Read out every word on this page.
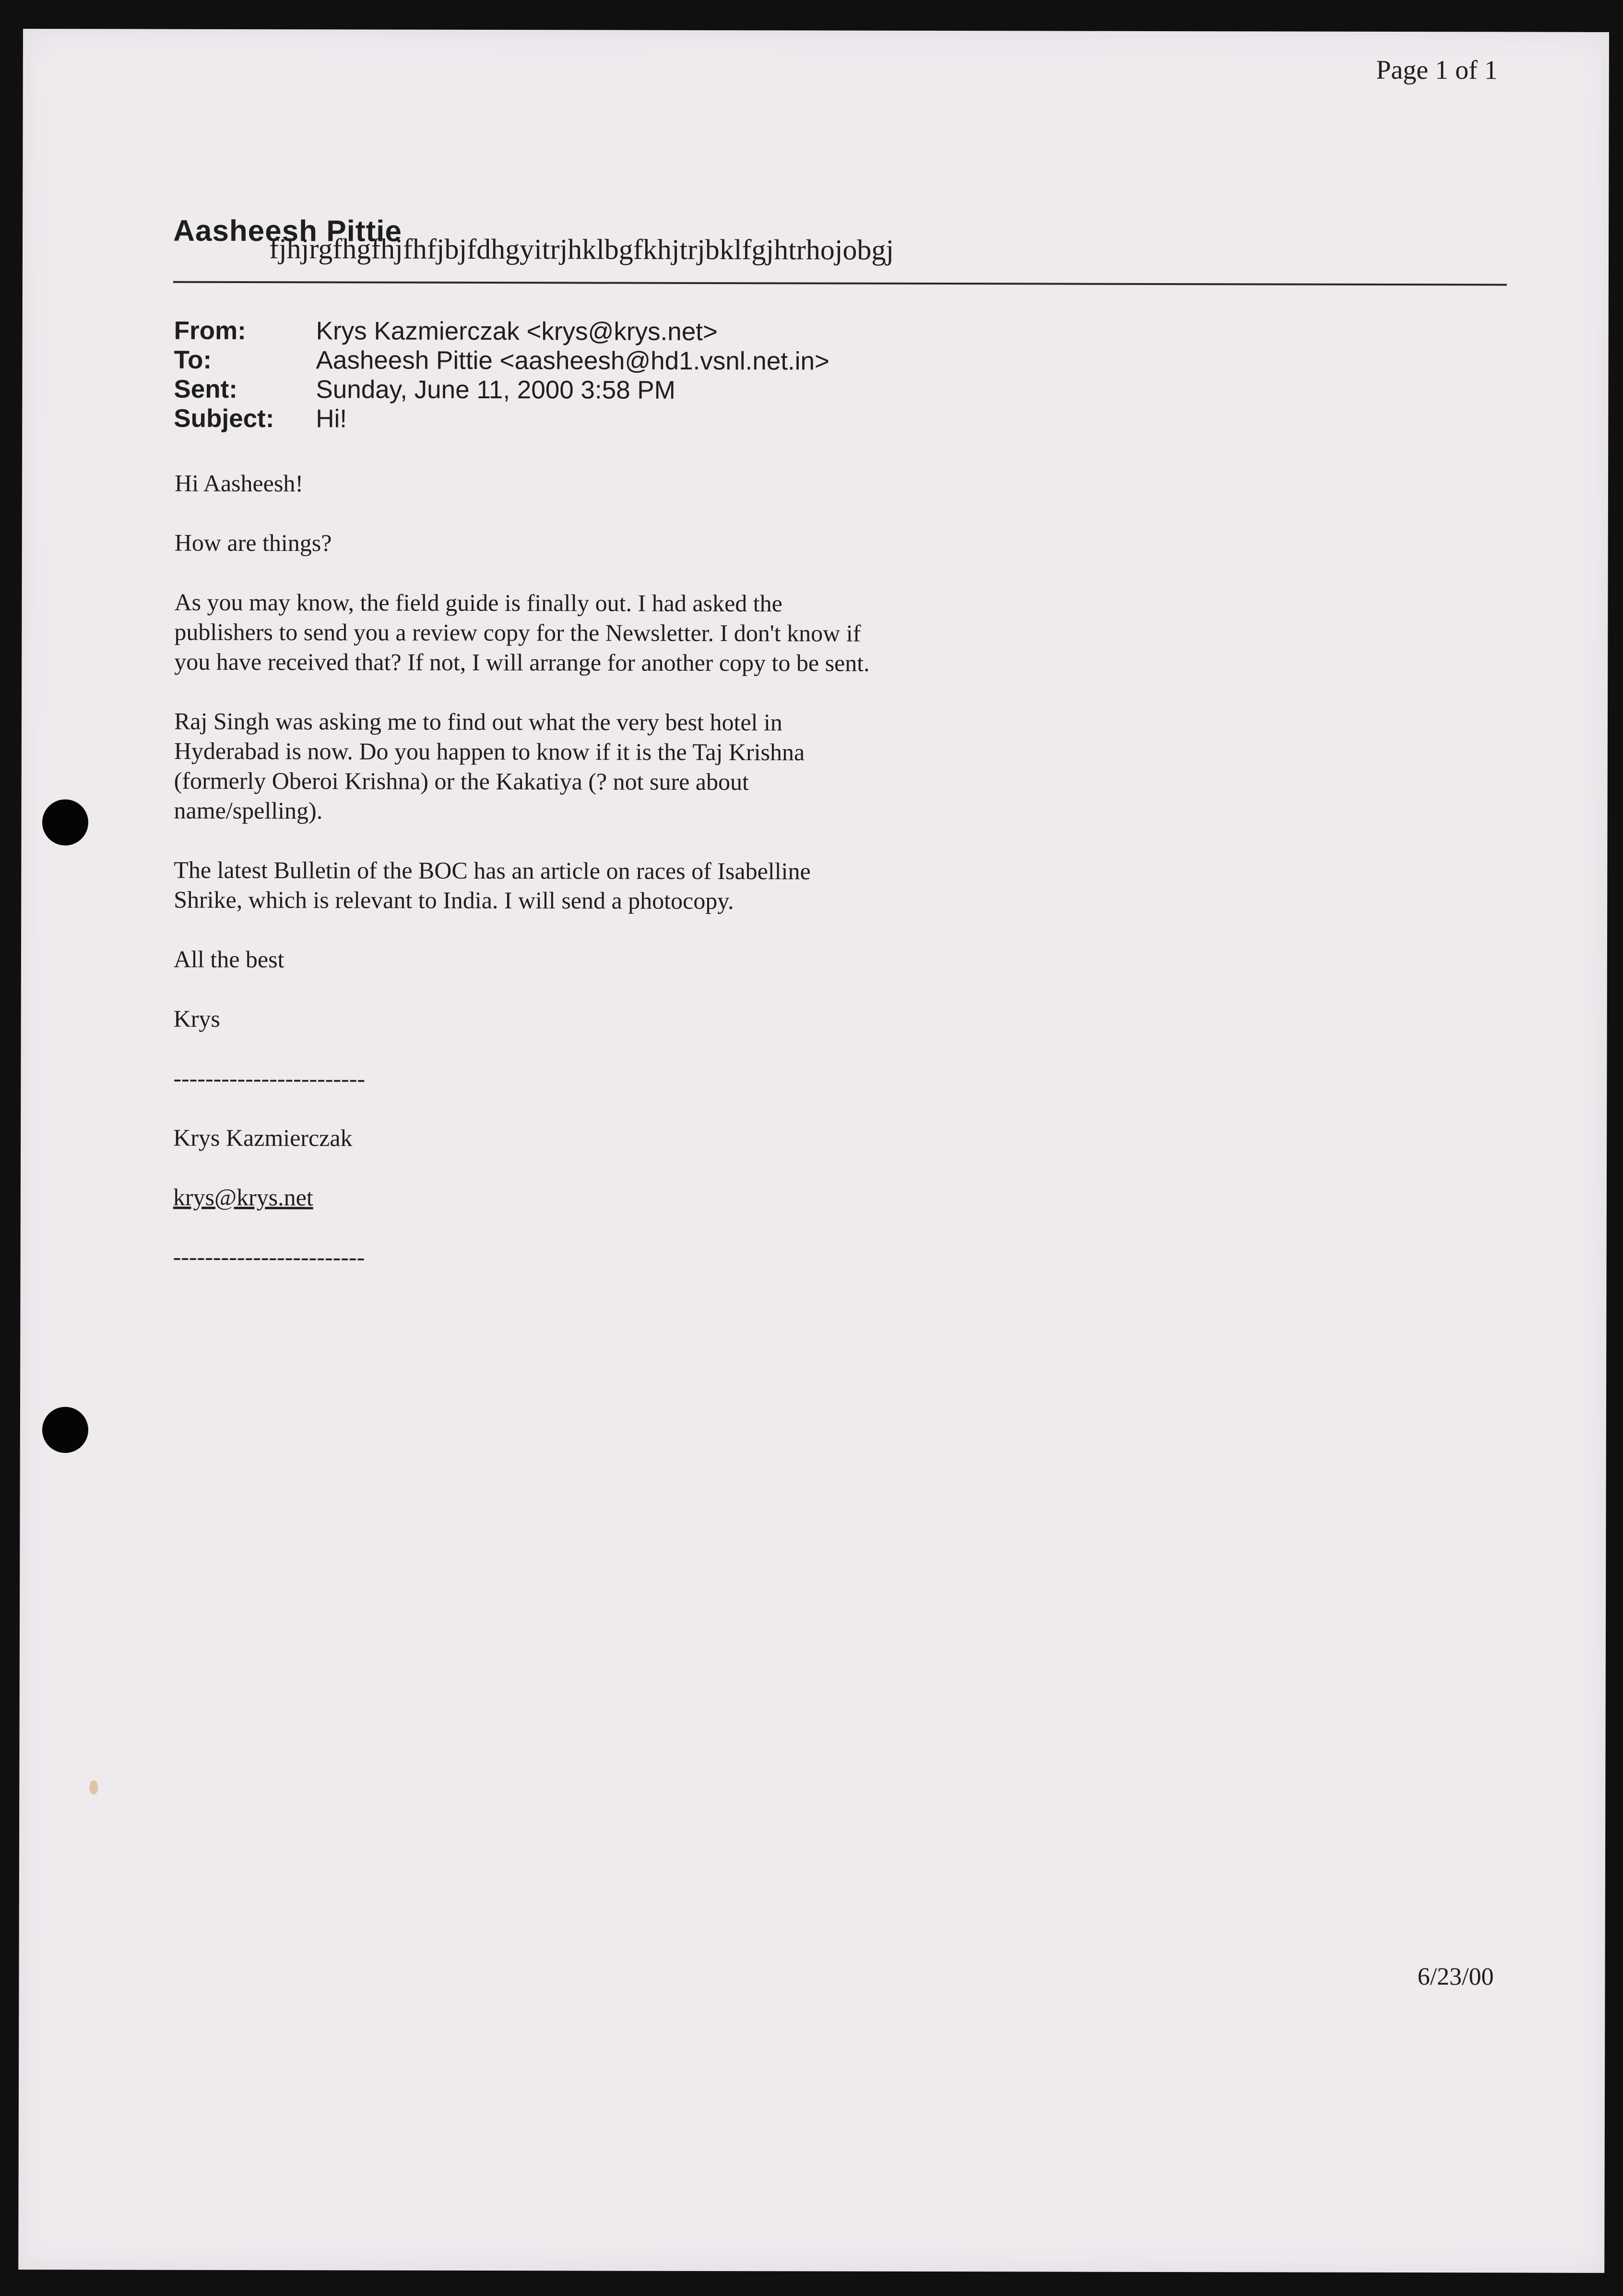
Page 1 of 1
Aasheesh Pittie
fjhjrgfhgfhjfhfjbjfdhgyitrjhklbgfkhjtrjbklfgjhtrhojobgj
From:	Krys Kazmierczak <krys@krys.net>
To:	Aasheesh Pittie <aasheesh@hd1.vsnl.net.in>
Sent:	Sunday, June 11, 2000 3:58 PM
Subject:	Hi!

Hi Aasheesh!

How are things?

As you may know, the field guide is finally out. I had asked the publishers to send you a review copy for the Newsletter. I don't know if you have received that? If not, I will arrange for another copy to be sent.

Raj Singh was asking me to find out what the very best hotel in Hyderabad is now. Do you happen to know if it is the Taj Krishna (formerly Oberoi Krishna) or the Kakatiya (? not sure about name/spelling).

The latest Bulletin of the BOC has an article on races of Isabelline Shrike, which is relevant to India. I will send a photocopy.

All the best

Krys

------------------------

Krys Kazmierczak

krys@krys.net

------------------------

6/23/00
